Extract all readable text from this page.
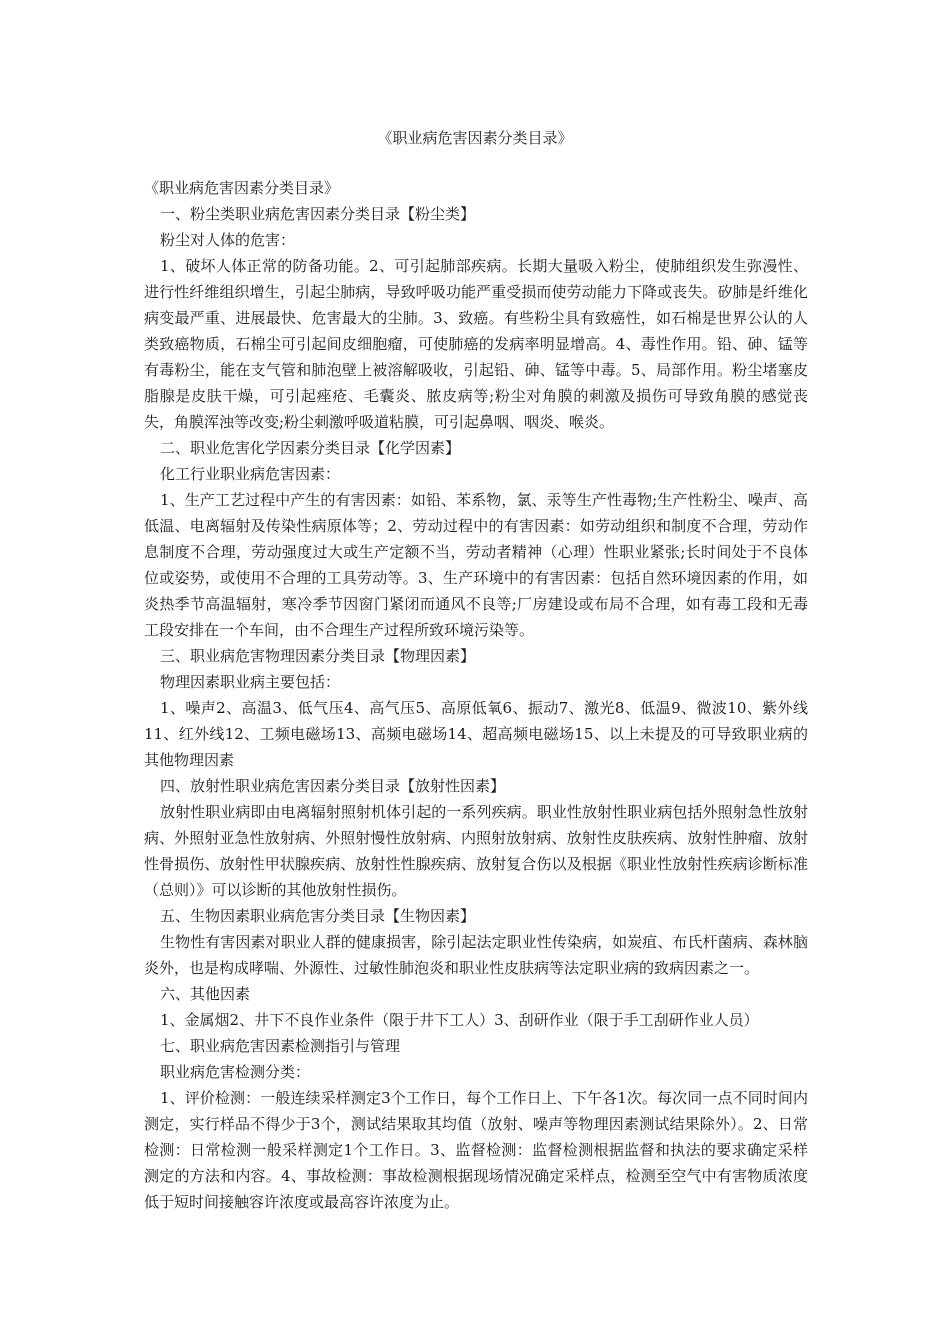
《职业病危害因素分类目录》

《职业病危害因素分类目录》

一、粉尘类职业病危害因素分类目录【粉尘类】

粉尘对人体的危害：

1、破坏人体正常的防备功能。2、可引起肺部疾病。长期大量吸入粉尘，使肺组织发生弥漫性、进行性纤维组织增生，引起尘肺病，导致呼吸功能严重受损而使劳动能力下降或丧失。矽肺是纤维化病变最严重、进展最快、危害最大的尘肺。3、致癌。有些粉尘具有致癌性，如石棉是世界公认的人类致癌物质，石棉尘可引起间皮细胞瘤，可使肺癌的发病率明显增高。4、毒性作用。铅、砷、锰等有毒粉尘，能在支气管和肺泡壁上被溶解吸收，引起铅、砷、锰等中毒。5、局部作用。粉尘堵塞皮脂腺是皮肤干燥，可引起痤疮、毛囊炎、脓皮病等;粉尘对角膜的刺激及损伤可导致角膜的感觉丧失，角膜浑浊等改变;粉尘刺激呼吸道粘膜，可引起鼻咽、咽炎、喉炎。

二、职业危害化学因素分类目录【化学因素】

化工行业职业病危害因素：

1、生产工艺过程中产生的有害因素：如铅、苯系物，氯、汞等生产性毒物;生产性粉尘、噪声、高低温、电离辐射及传染性病原体等；2、劳动过程中的有害因素：如劳动组织和制度不合理，劳动作息制度不合理，劳动强度过大或生产定额不当，劳动者精神（心理）性职业紧张;长时间处于不良体位或姿势，或使用不合理的工具劳动等。3、生产环境中的有害因素：包括自然环境因素的作用，如炎热季节高温辐射，寒冷季节因窗门紧闭而通风不良等;厂房建设或布局不合理，如有毒工段和无毒工段安排在一个车间，由不合理生产过程所致环境污染等。

三、职业病危害物理因素分类目录【物理因素】

物理因素职业病主要包括：

1、噪声2、高温3、低气压4、高气压5、高原低氧6、振动7、激光8、低温9、微波10、紫外线11、红外线12、工频电磁场13、高频电磁场14、超高频电磁场15、以上未提及的可导致职业病的其他物理因素

四、放射性职业病危害因素分类目录【放射性因素】

放射性职业病即由电离辐射照射机体引起的一系列疾病。职业性放射性职业病包括外照射急性放射病、外照射亚急性放射病、外照射慢性放射病、内照射放射病、放射性皮肤疾病、放射性肿瘤、放射性骨损伤、放射性甲状腺疾病、放射性性腺疾病、放射复合伤以及根据《职业性放射性疾病诊断标准（总则）》可以诊断的其他放射性损伤。

五、生物因素职业病危害分类目录【生物因素】

生物性有害因素对职业人群的健康损害，除引起法定职业性传染病，如炭疽、布氏杆菌病、森林脑炎外，也是构成哮喘、外源性、过敏性肺泡炎和职业性皮肤病等法定职业病的致病因素之一。

六、其他因素

1、金属烟2、井下不良作业条件（限于井下工人）3、刮研作业（限于手工刮研作业人员）

七、职业病危害因素检测指引与管理

职业病危害检测分类：

1、评价检测：一般连续采样测定3个工作日，每个工作日上、下午各1次。每次同一点不同时间内测定，实行样品不得少于3个，测试结果取其均值（放射、噪声等物理因素测试结果除外）。2、日常检测：日常检测一般采样测定1个工作日。3、监督检测：监督检测根据监督和执法的要求确定采样测定的方法和内容。4、事故检测：事故检测根据现场情况确定采样点，检测至空气中有害物质浓度低于短时间接触容许浓度或最高容许浓度为止。
